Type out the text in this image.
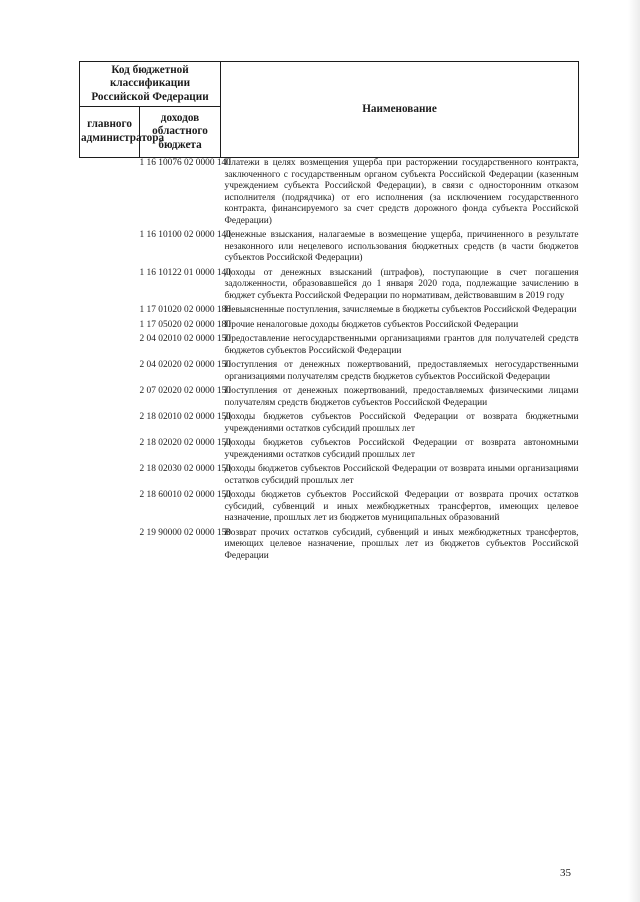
Код бюджетной классификации Российской Федерации		Наименование
главного администратора	доходов областного бюджета	
	1 16 10076 02 0000 140	Платежи в целях возмещения ущерба при расторжении государственного контракта, заключенного с государственным органом субъекта Российской Федерации (казенным учреждением субъекта Российской Федерации), в связи с односторонним отказом исполнителя (подрядчика) от его исполнения (за исключением государственного контракта, финансируемого за счет средств дорожного фонда субъекта Российской Федерации)
	1 16 10100 02 0000 140	Денежные взыскания, налагаемые в возмещение ущерба, причиненного в результате незаконного или нецелевого использования бюджетных средств (в части бюджетов субъектов Российской Федерации)
	1 16 10122 01 0000 140	Доходы от денежных взысканий (штрафов), поступающие в счет погашения задолженности, образовавшейся до 1 января 2020 года, подлежащие зачислению в бюджет субъекта Российской Федерации по нормативам, действовавшим в 2019 году
	1 17 01020 02 0000 180	Невыясненные поступления, зачисляемые в бюджеты субъектов Российской Федерации
	1 17 05020 02 0000 180	Прочие неналоговые доходы бюджетов субъектов Российской Федерации
	2 04 02010 02 0000 150	Предоставление негосударственными организациями грантов для получателей средств бюджетов субъектов Российской Федерации
	2 04 02020 02 0000 150	Поступления от денежных пожертвований, предоставляемых негосударственными организациями получателям средств бюджетов субъектов Российской Федерации
	2 07 02020 02 0000 150	Поступления от денежных пожертвований, предоставляемых физическими лицами получателям средств бюджетов субъектов Российской Федерации
	2 18 02010 02 0000 150	Доходы бюджетов субъектов Российской Федерации от возврата бюджетными учреждениями остатков субсидий прошлых лет
	2 18 02020 02 0000 150	Доходы бюджетов субъектов Российской Федерации от возврата автономными учреждениями остатков субсидий прошлых лет
	2 18 02030 02 0000 150	Доходы бюджетов субъектов Российской Федерации от возврата иными организациями остатков субсидий прошлых лет
	2 18 60010 02 0000 150	Доходы бюджетов субъектов Российской Федерации от возврата прочих остатков субсидий, субвенций и иных межбюджетных трансфертов, имеющих целевое назначение, прошлых лет из бюджетов муниципальных образований
	2 19 90000 02 0000 150	Возврат прочих остатков субсидий, субвенций и иных межбюджетных трансфертов, имеющих целевое назначение, прошлых лет из бюджетов субъектов Российской Федерации
35
